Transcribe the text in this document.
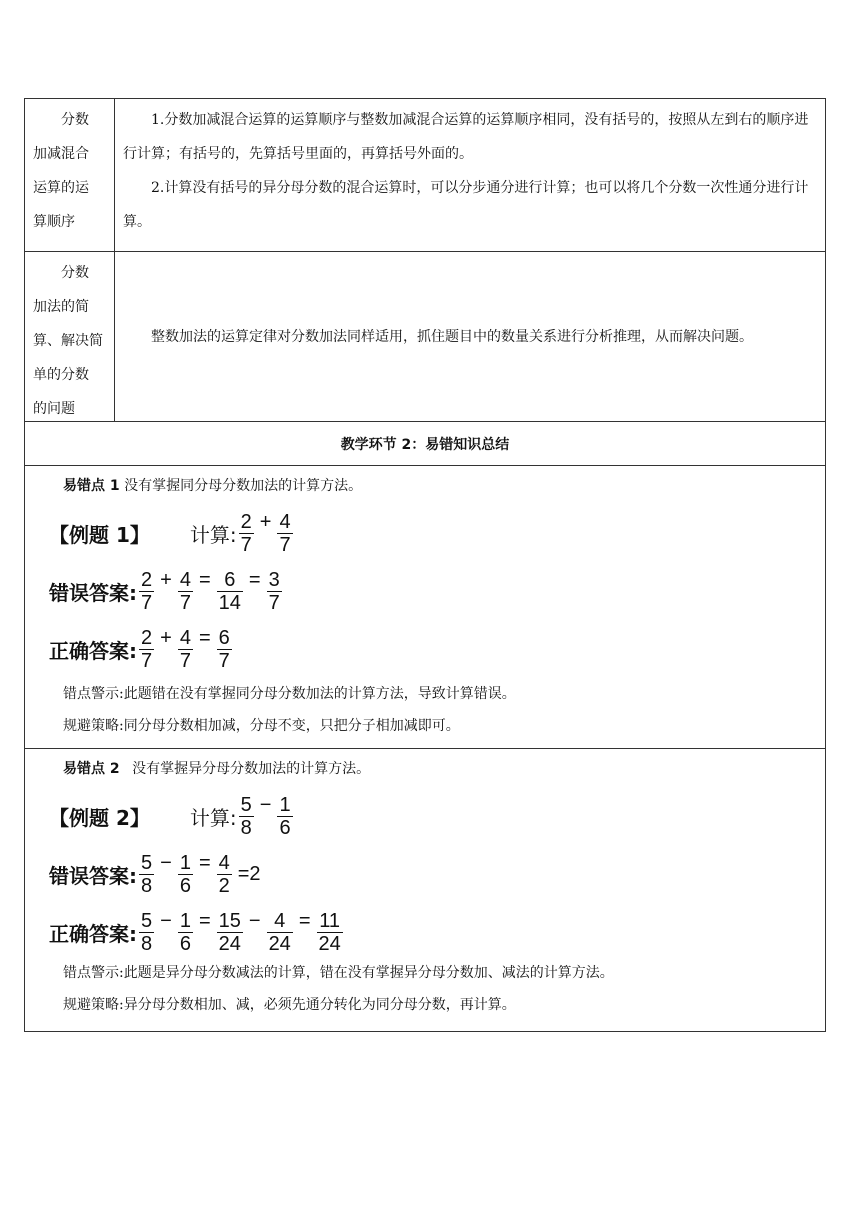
分数
加减混合
运算的运
算顺序

1.分数加减混合运算的运算顺序与整数加减混合运算的运算顺序相同，没有括号的，按照从左到右的顺序进行计算；有括号的，先算括号里面的，再算括号外面的。

2.计算没有括号的异分母分数的混合运算时，可以分步通分进行计算；也可以将几个分数一次性通分进行计算。

分数
加法的简
算、解决简
单的分数
的问题

整数加法的运算定律对分数加法同样适用，抓住题目中的数量关系进行分析推理，从而解决问题。

教学环节 2：易错知识总结

易错点 1 没有掌握同分母分数加法的计算方法。

【例题 1】 计算: $\frac{2}{7} + \frac{4}{7}$
错误答案: $\frac{2}{7} + \frac{4}{7} = \frac{6}{14} = \frac{3}{7}$
正确答案: $\frac{2}{7} + \frac{4}{7} = \frac{6}{7}$

错点警示:此题错在没有掌握同分母分数加法的计算方法，导致计算错误。

规避策略:同分母分数相加减，分母不变，只把分子相加减即可。

易错点 2 没有掌握异分母分数加法的计算方法。

【例题 2】 计算: $\frac{5}{8} - \frac{1}{6}$
错误答案: $\frac{5}{8} - \frac{1}{6} = \frac{4}{2} =2$
正确答案: $\frac{5}{8} - \frac{1}{6} = \frac{15}{24} - \frac{4}{24} = \frac{11}{24}$

错点警示:此题是异分母分数减法的计算，错在没有掌握异分母分数加、减法的计算方法。

规避策略:异分母分数相加、减，必须先通分转化为同分母分数，再计算。
